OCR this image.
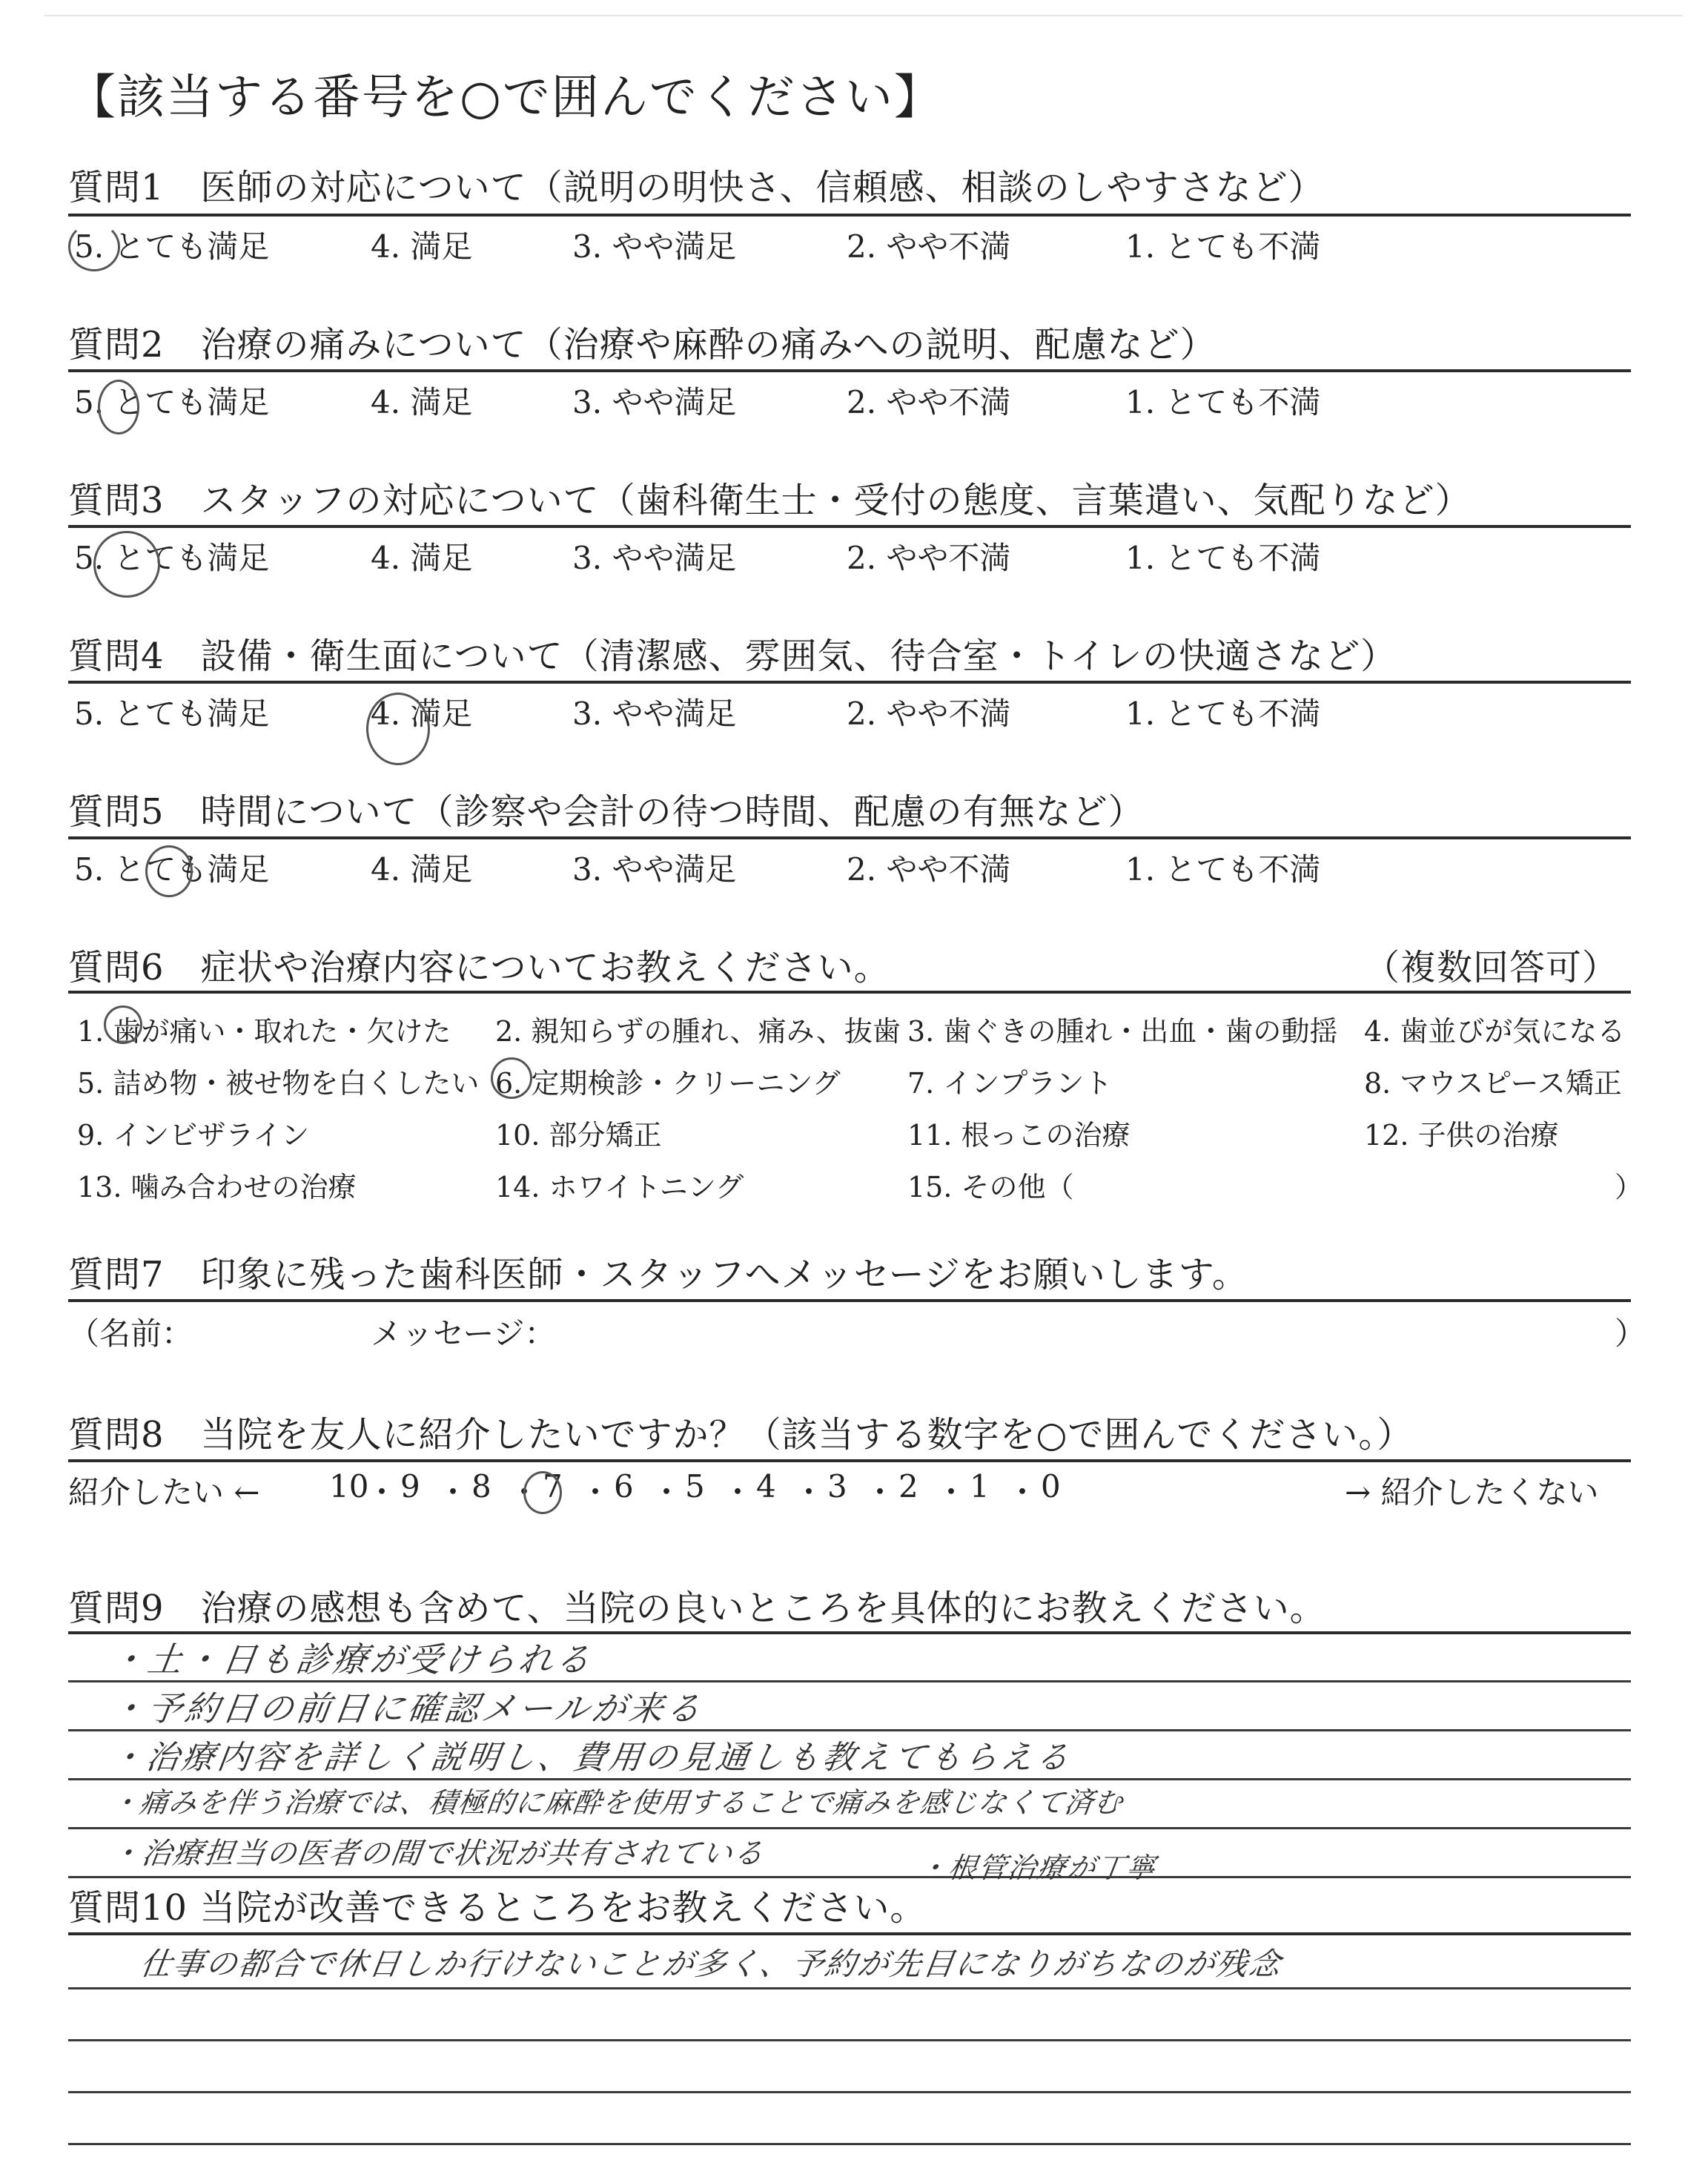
【該当する番号を○で囲んでください】
質問1　医師の対応について（説明の明快さ、信頼感、相談のしやすさなど）
5. とても満足	4. 満足	3. やや満足	2. やや不満	1. とても不満
質問2　治療の痛みについて（治療や麻酔の痛みへの説明、配慮など）
5. とても満足	4. 満足	3. やや満足	2. やや不満	1. とても不満
質問3　スタッフの対応について（歯科衛生士・受付の態度、言葉遣い、気配りなど）
5. とても満足	4. 満足	3. やや満足	2. やや不満	1. とても不満
質問4　設備・衛生面について（清潔感、雰囲気、待合室・トイレの快適さなど）
5. とても満足	4. 満足	3. やや満足	2. やや不満	1. とても不満
質問5　時間について（診察や会計の待つ時間、配慮の有無など）
5. とても満足	4. 満足	3. やや満足	2. やや不満	1. とても不満
質問6　症状や治療内容についてお教えください。	（複数回答可）
1. 歯が痛い・取れた・欠けた 2. 親知らずの腫れ、痛み、抜歯 3. 歯ぐきの腫れ・出血・歯の動揺 4. 歯並びが気になる
5. 詰め物・被せ物を白くしたい 6. 定期検診・クリーニング 7. インプラント	8. マウスピース矯正
9. インビザライン	10. 部分矯正	11. 根っこの治療	12. 子供の治療
13. 噛み合わせの治療	14. ホワイトニング	15. その他（	）
質問7　印象に残った歯科医師・スタッフへメッセージをお願いします。
（名前：	メッセージ：	）
質問8　当院を友人に紹介したいですか？（該当する数字を○で囲んでください。）
紹介したい ← 10
・ 9 ・ 8 ・ 7 ・ 6 ・ 5 ・ 4 ・ 3 ・ 2 ・ 1 ・ 0	→ 紹介したくない
質問9　治療の感想も含めて、当院の良いところを具体的にお教えください。
・土・日も診療が受けられる
・予約日の前日に確認メールが来る
・治療内容を詳しく説明し、費用の見通しも教えてもらえる
・痛みを伴う治療では、積極的に麻酔を使用することで痛みを感じなくて済む
・治療担当の医者の間で状況が共有されている	・根管治療が丁寧
質問10 当院が改善できるところをお教えください。
仕事の都合で休日しか行けないことが多く、予約が先目になりがちなのが残念
